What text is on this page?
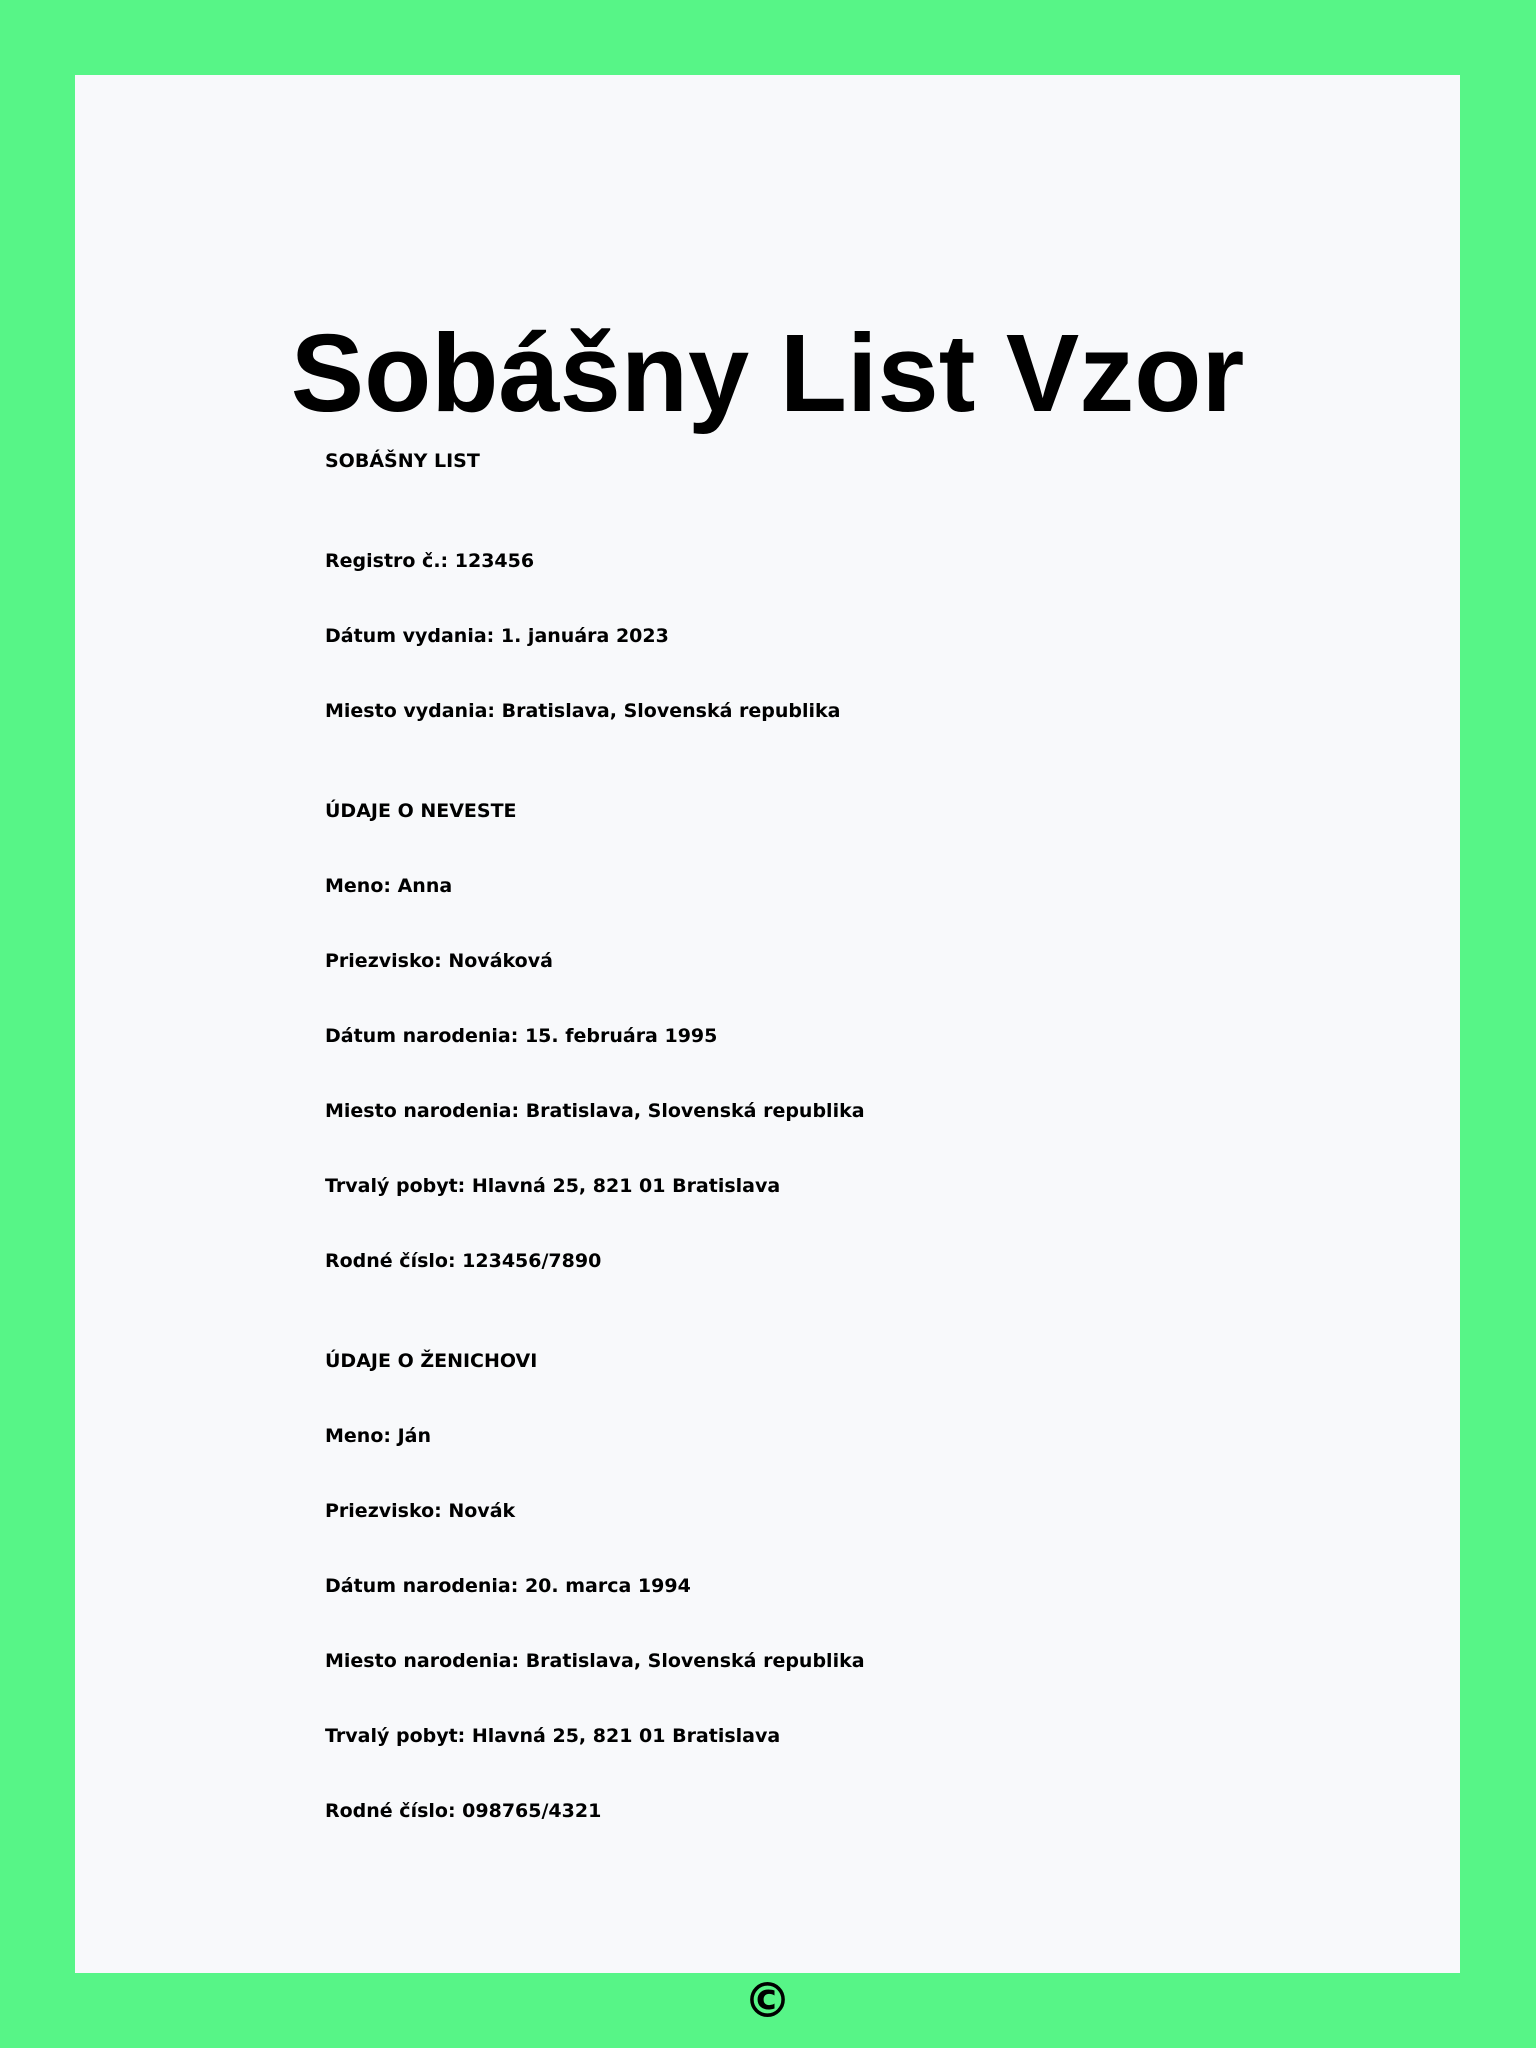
Sobášny List Vzor
SOBÁŠNY LIST
Registro č.: 123456
Dátum vydania: 1. januára 2023
Miesto vydania: Bratislava, Slovenská republika
ÚDAJE O NEVESTE
Meno: Anna
Priezvisko: Nováková
Dátum narodenia: 15. februára 1995
Miesto narodenia: Bratislava, Slovenská republika
Trvalý pobyt: Hlavná 25, 821 01 Bratislava
Rodné číslo: 123456/7890
ÚDAJE O ŽENICHOVI
Meno: Ján
Priezvisko: Novák
Dátum narodenia: 20. marca 1994
Miesto narodenia: Bratislava, Slovenská republika
Trvalý pobyt: Hlavná 25, 821 01 Bratislava
Rodné číslo: 098765/4321
©
